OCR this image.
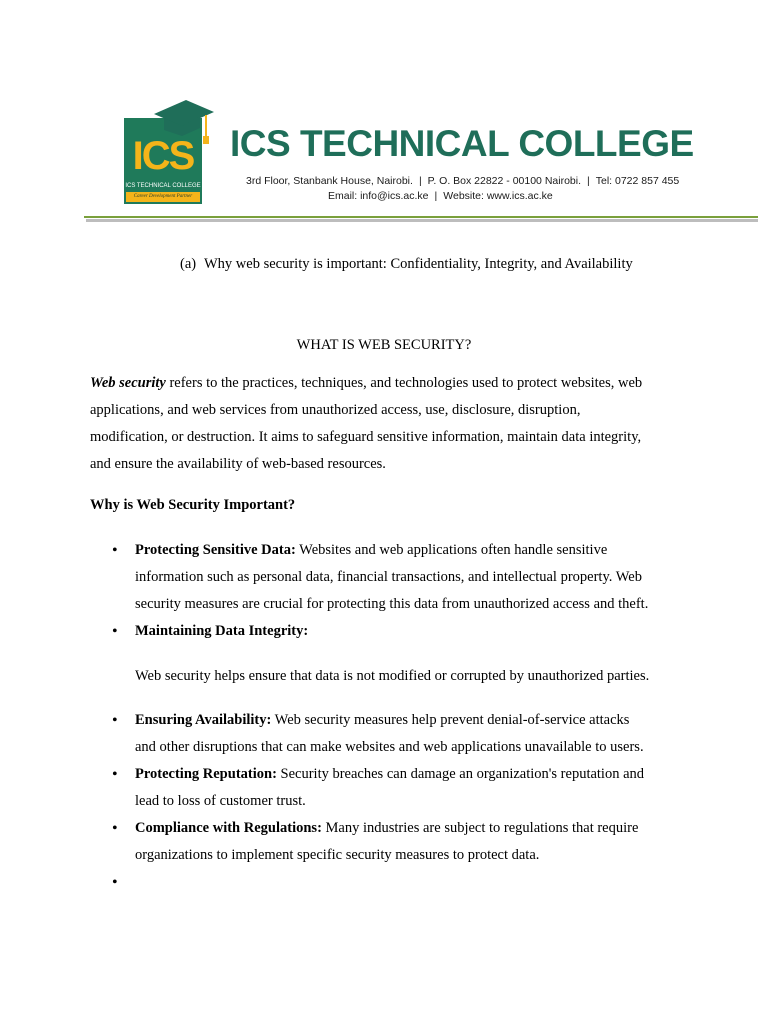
ICS
ICS TECHNICAL COLLEGE
Career Development Partner
ICS TECHNICAL COLLEGE
3rd Floor, Stanbank House, Nairobi. | P. O. Box 22822 - 00100 Nairobi. | Tel: 0722 857 455
Email: info@ics.ac.ke | Website: www.ics.ac.ke
(a) Why web security is important: Confidentiality, Integrity, and Availability
WHAT IS WEB SECURITY?
Web security refers to the practices, techniques, and technologies used to protect websites, web
applications, and web services from unauthorized access, use, disclosure, disruption,
modification, or destruction. It aims to safeguard sensitive information, maintain data integrity,
and ensure the availability of web-based resources.
Why is Web Security Important?
• Protecting Sensitive Data: Websites and web applications often handle sensitive
information such as personal data, financial transactions, and intellectual property. Web
security measures are crucial for protecting this data from unauthorized access and theft.
• Maintaining Data Integrity:
Web security helps ensure that data is not modified or corrupted by unauthorized parties.
• Ensuring Availability: Web security measures help prevent denial-of-service attacks
and other disruptions that can make websites and web applications unavailable to users.
• Protecting Reputation: Security breaches can damage an organization's reputation and
lead to loss of customer trust.
• Compliance with Regulations: Many industries are subject to regulations that require
organizations to implement specific security measures to protect data.
•
